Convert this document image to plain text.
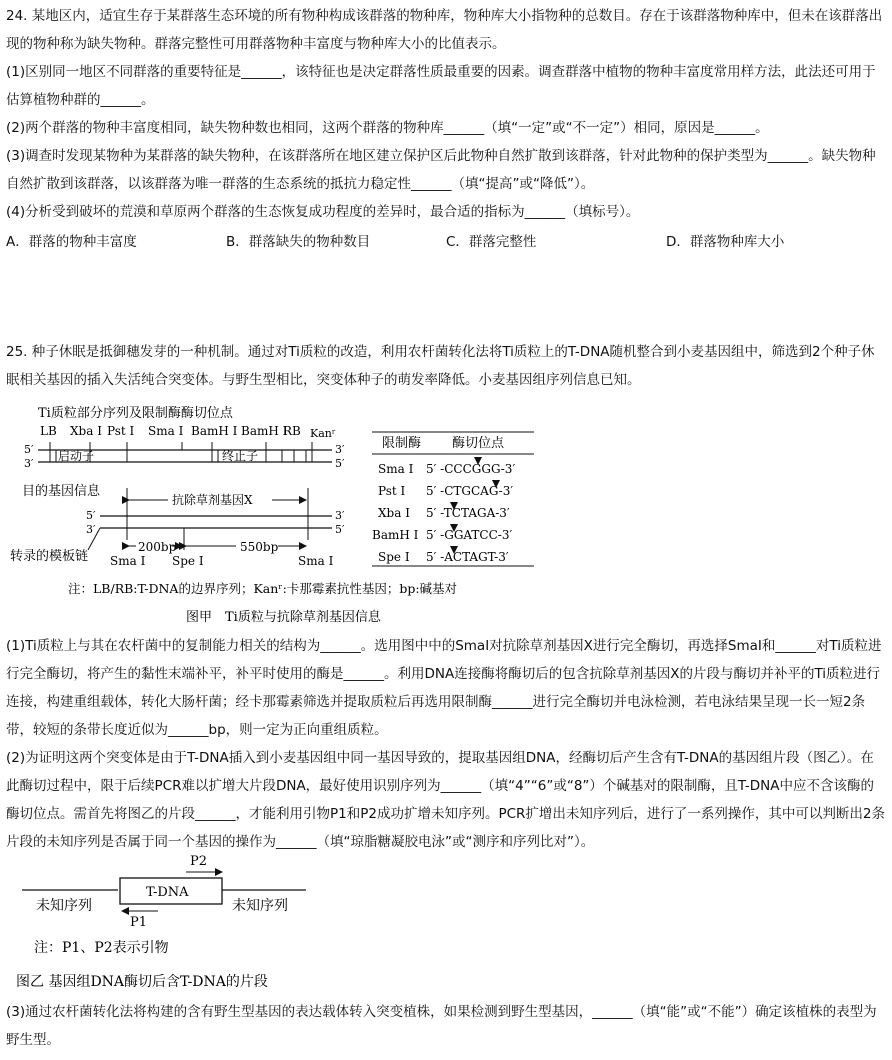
24. 某地区内，适宜生存于某群落生态环境的所有物种构成该群落的物种库，物种库大小指物种的总数目。存在于该群落物种库中，但未在该群落出现的物种称为缺失物种。群落完整性可用群落物种丰富度与物种库大小的比值表示。

(1)区别同一地区不同群落的重要特征是______，该特征也是决定群落性质最重要的因素。调查群落中植物的物种丰富度常用样方法，此法还可用于估算植物种群的______。

(2)两个群落的物种丰富度相同，缺失物种数也相同，这两个群落的物种库______（填“一定”或“不一定”）相同，原因是______。

(3)调查时发现某物种为某群落的缺失物种，在该群落所在地区建立保护区后此物种自然扩散到该群落，针对此物种的保护类型为______。缺失物种自然扩散到该群落，以该群落为唯一群落的生态系统的抵抗力稳定性______（填“提高”或“降低”）。

(4)分析受到破坏的荒漠和草原两个群落的生态恢复成功程度的差异时，最合适的指标为______（填标号）。

A．群落的物种丰富度	B．群落缺失的物种数目	C．群落完整性	D．群落物种库大小

25. 种子休眠是抵御穗发芽的一种机制。通过对Ti质粒的改造，利用农杆菌转化法将Ti质粒上的T-DNA随机整合到小麦基因组中，筛选到2个种子休眠相关基因的插入失活纯合突变体。与野生型相比，突变体种子的萌发率降低。小麦基因组序列信息已知。

Ti质粒部分序列及限制酶酶切位点
LB Xba I Pst I Sma I BamH I BamH I
RB Kanʳ
5′
3′
3′
5′
启动子	终止子
目的基因信息
抗除草剂基因X
5′
3′
3′
5′
200bp	550bp
转录的模板链 Sma I Spe I	Sma I
限制酶 酶切位点
Sma I 5′ -CCCGGG-3′
Pst I 5′ -CTGCAG-3′
Xba I 5′ -TCTAGA-3′
BamH I 5′ -GGATCC-3′
Spe I 5′ -ACTAGT-3′
注：LB/RB:T-DNA的边界序列；Kanʳ:卡那霉素抗性基因；bp:碱基对
图甲　Ti质粒与抗除草剂基因信息

(1)Ti质粒上与其在农杆菌中的复制能力相关的结构为______。选用图中中的SmaI对抗除草剂基因X进行完全酶切，再选择SmaI和______对Ti质粒进行完全酶切，将产生的黏性末端补平，补平时使用的酶是______。利用DNA连接酶将酶切后的包含抗除草剂基因X的片段与酶切并补平的Ti质粒进行连接，构建重组载体，转化大肠杆菌；经卡那霉素筛选并提取质粒后再选用限制酶______进行完全酶切并电泳检测，若电泳结果呈现一长一短2条带，较短的条带长度近似为______bp，则一定为正向重组质粒。

(2)为证明这两个突变体是由于T-DNA插入到小麦基因组中同一基因导致的，提取基因组DNA，经酶切后产生含有T-DNA的基因组片段（图乙）。在此酶切过程中，限于后续PCR难以扩增大片段DNA，最好使用识别序列为______（填“4”“6”或“8”）个碱基对的限制酶，且T-DNA中应不含该酶的酶切位点。需首先将图乙的片段______，才能利用引物P1和P2成功扩增未知序列。PCR扩增出未知序列后，进行了一系列操作，其中可以判断出2条片段的未知序列是否属于同一个基因的操作为______（填“琼脂糖凝胶电泳”或“测序和序列比对”）。

P2
T-DNA
未知序列	未知序列
P1
注：P1、P2表示引物
图乙 基因组DNA酶切后含T-DNA的片段

(3)通过农杆菌转化法将构建的含有野生型基因的表达载体转入突变植株，如果检测到野生型基因，______（填“能”或“不能”）确定该植株的表型为野生型。
